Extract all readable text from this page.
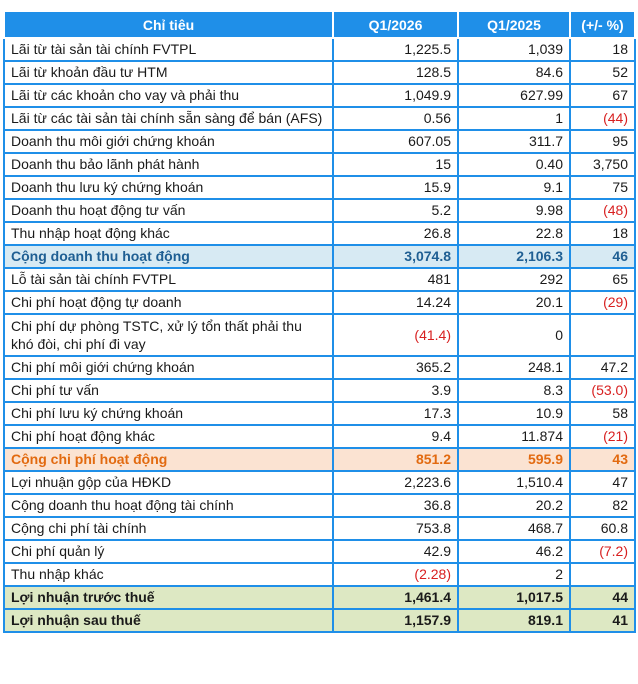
Chỉ tiêu	Q1/2026	Q1/2025	(+/- %)
Lãi từ tài sản tài chính FVTPL	1,225.5	1,039	18
Lãi từ khoản đầu tư HTM	128.5	84.6	52
Lãi từ các khoản cho vay và phải thu	1,049.9	627.99	67
Lãi từ các tài sản tài chính sẵn sàng để bán (AFS)	0.56	1	(44)
Doanh thu môi giới chứng khoán	607.05	311.7	95
Doanh thu bảo lãnh phát hành	15	0.40	3,750
Doanh thu lưu ký chứng khoán	15.9	9.1	75
Doanh thu hoạt động tư vấn	5.2	9.98	(48)
Thu nhập hoạt động khác	26.8	22.8	18
Cộng doanh thu hoạt động	3,074.8	2,106.3	46
Lỗ tài sản tài chính FVTPL	481	292	65
Chi phí hoạt động tự doanh	14.24	20.1	(29)
Chi phí dự phòng TSTC, xử lý tổn thất phải thu khó đòi, chi phí đi vay	(41.4)	0	
Chi phí môi giới chứng khoán	365.2	248.1	47.2
Chi phí tư vấn	3.9	8.3	(53.0)
Chi phí lưu ký chứng khoán	17.3	10.9	58
Chi phí hoạt động khác	9.4	11.874	(21)
Cộng chi phí hoạt động	851.2	595.9	43
Lợi nhuận gộp của HĐKD	2,223.6	1,510.4	47
Cộng doanh thu hoạt động tài chính	36.8	20.2	82
Cộng chi phí tài chính	753.8	468.7	60.8
Chi phí quản lý	42.9	46.2	(7.2)
Thu nhập khác	(2.28)	2	
Lợi nhuận trước thuế	1,461.4	1,017.5	44
Lợi nhuận sau thuế	1,157.9	819.1	41
